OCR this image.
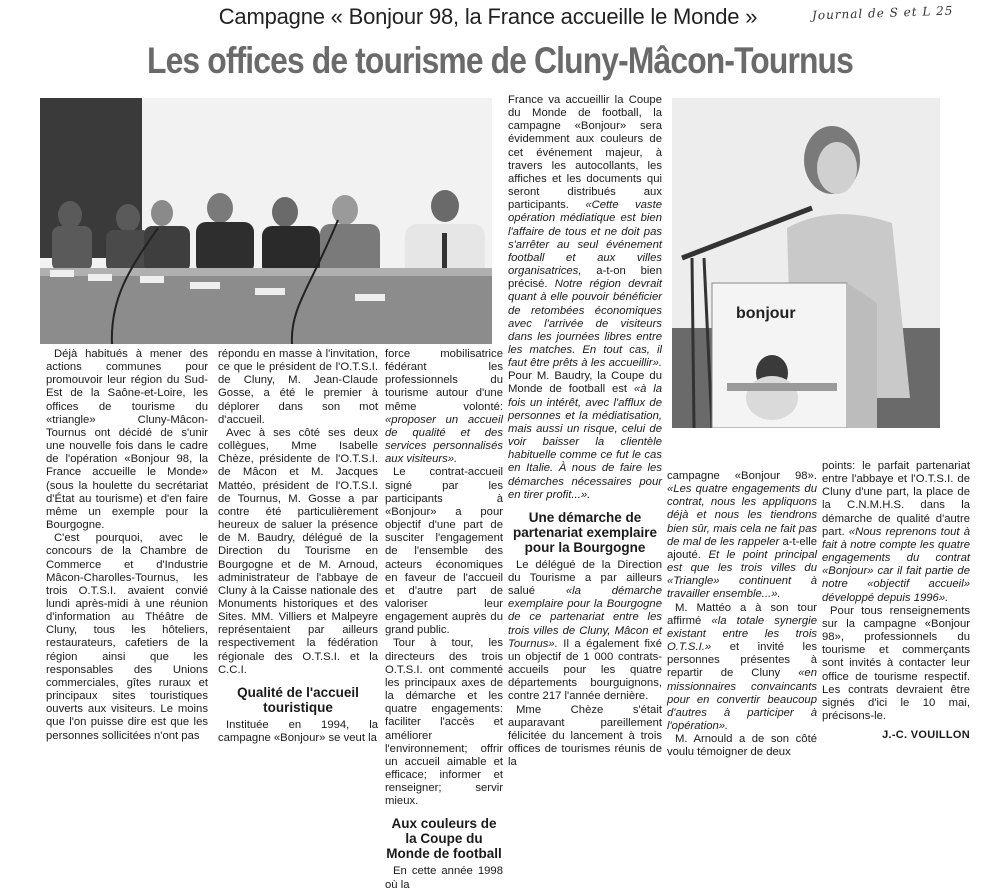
Campagne « Bonjour 98, la France accueille le Monde »	Journal de S et L 25
Les offices de tourisme de Cluny-Mâcon-Tournus
bonjour

Déjà habitués à mener des actions communes pour promouvoir leur région du Sud-Est de la Saône-et-Loire, les offices de tourisme du «triangle» Cluny-Mâcon-Tournus ont décidé de s'unir une nouvelle fois dans le cadre de l'opération «Bonjour 98, la France accueille le Monde» (sous la houlette du secrétariat d'État au tourisme) et d'en faire même un exemple pour la Bourgogne.

C'est pourquoi, avec le concours de la Chambre de Commerce et d'Industrie Mâcon-Charolles-Tournus, les trois O.T.S.I. avaient convié lundi après-midi à une réunion d'information au Théâtre de Cluny, tous les hôteliers, restaurateurs, cafetiers de la région ainsi que les responsables des Unions commerciales, gîtes ruraux et principaux sites touristiques ouverts aux visiteurs. Le moins que l'on puisse dire est que les personnes sollicitées n'ont pas

répondu en masse à l'invitation, ce que le président de l'O.T.S.I. de Cluny, M. Jean-Claude Gosse, a été le premier à déplorer dans son mot d'accueil.

Avec à ses côté ses deux collègues, Mme Isabelle Chèze, présidente de l'O.T.S.I. de Mâcon et M. Jacques Mattéo, président de l'O.T.S.I. de Tournus, M. Gosse a par contre été particulièrement heureux de saluer la présence de M. Baudry, délégué de la Direction du Tourisme en Bourgogne et de M. Arnoud, administrateur de l'abbaye de Cluny à la Caisse nationale des Monuments historiques et des Sites. MM. Villiers et Malpeyre représentaient par ailleurs respectivement la fédération régionale des O.T.S.I. et la C.C.I.

Qualité de l'accueil touristique

Instituée en 1994, la campagne «Bonjour» se veut la

force mobilisatrice fédérant les professionnels du tourisme autour d'une même volonté: «proposer un accueil de qualité et des services personnalisés aux visiteurs».

Le contrat-accueil signé par les participants à «Bonjour» a pour objectif d'une part de susciter l'engagement de l'ensemble des acteurs économiques en faveur de l'accueil et d'autre part de valoriser leur engagement auprès du grand public.

Tour à tour, les directeurs des trois O.T.S.I. ont commenté les principaux axes de la démarche et les quatre engagements: faciliter l'accès et améliorer l'environnement; offrir un accueil aimable et efficace; informer et renseigner; servir mieux.

Aux couleurs de la Coupe du Monde de football

En cette année 1998 où la

France va accueillir la Coupe du Monde de football, la campagne «Bonjour» sera évidemment aux couleurs de cet événement majeur, à travers les autocollants, les affiches et les documents qui seront distribués aux participants. «Cette vaste opération médiatique est bien l'affaire de tous et ne doit pas s'arrêter au seul événement football et aux villes organisatrices, a-t-on bien précisé. Notre région devrait quant à elle pouvoir bénéficier de retombées économiques avec l'arrivée de visiteurs dans les journées libres entre les matches. En tout cas, il faut être prêts à les accueillir». Pour M. Baudry, la Coupe du Monde de football est «à la fois un intérêt, avec l'afflux de personnes et la médiatisation, mais aussi un risque, celui de voir baisser la clientèle habituelle comme ce fut le cas en Italie. À nous de faire les démarches nécessaires pour en tirer profit...».

Une démarche de partenariat exemplaire pour la Bourgogne

Le délégué de la Direction du Tourisme a par ailleurs salué «la démarche exemplaire pour la Bourgogne de ce partenariat entre les trois villes de Cluny, Mâcon et Tournus». Il a également fixé un objectif de 1 000 contrats-accueils pour les quatre départements bourguignons, contre 217 l'année dernière.

Mme Chèze s'était auparavant pareillement félicitée du lancement à trois offices de tourismes réunis de la

campagne «Bonjour 98». «Les quatre engagements du contrat, nous les appliquons déjà et nous les tiendrons bien sûr, mais cela ne fait pas de mal de les rappeler a-t-elle ajouté. Et le point principal est que les trois villes du «Triangle» continuent à travailler ensemble...».

M. Mattéo a à son tour affirmé «la totale synergie existant entre les trois O.T.S.I.» et invité les personnes présentes à repartir de Cluny «en missionnaires convaincants pour en convertir beaucoup d'autres à participer à l'opération».

M. Arnould a de son côté voulu témoigner de deux

points: le parfait partenariat entre l'abbaye et l'O.T.S.I. de Cluny d'une part, la place de la C.N.M.H.S. dans la démarche de qualité d'autre part. «Nous reprenons tout à fait à notre compte les quatre engagements du contrat «Bonjour» car il fait partie de notre «objectif accueil» développé depuis 1996».

Pour tous renseignements sur la campagne «Bonjour 98», professionnels du tourisme et commerçants sont invités à contacter leur office de tourisme respectif. Les contrats devraient être signés d'ici le 10 mai, précisons-le.

J.-C. VOUILLON
